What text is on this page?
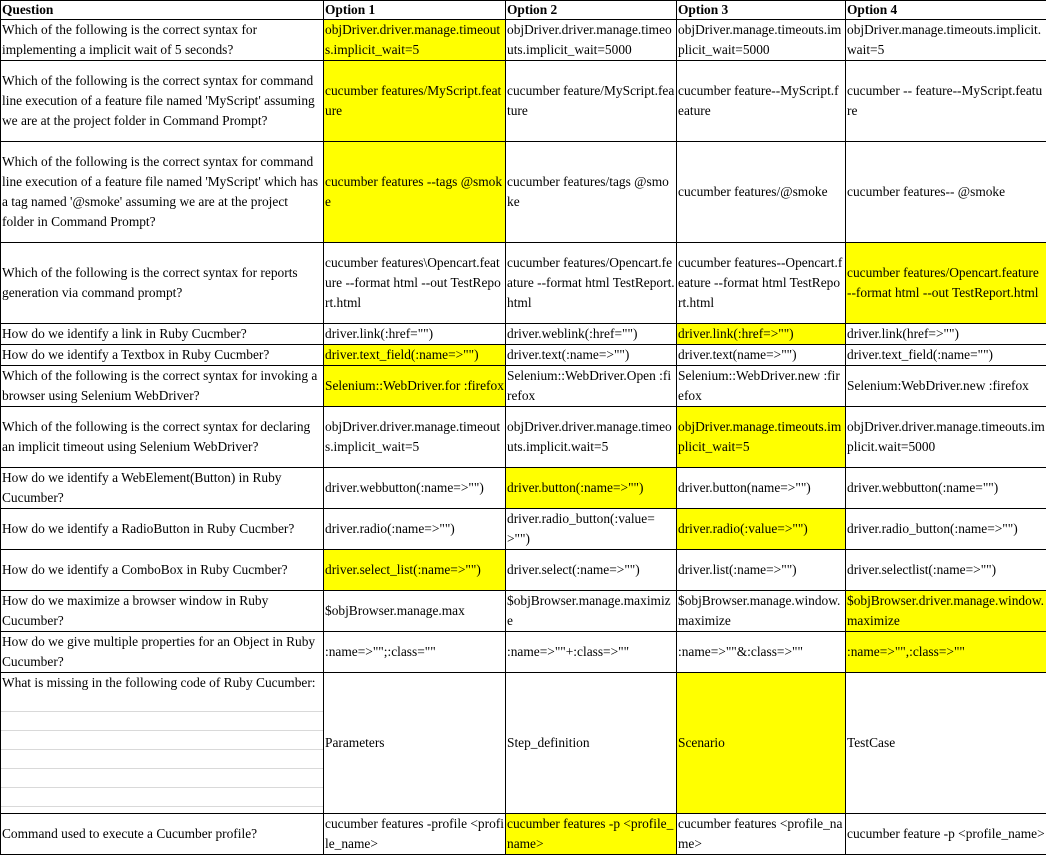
Question	Option 1	Option 2	Option 3	Option 4
Which of the following is the correct syntax for implementing a implicit wait of 5 seconds?	objDriver.driver.manage.timeouts.implicit_wait=5	objDriver.driver.manage.timeouts.implicit_wait=5000	objDriver.manage.timeouts.implicit_wait=5000	objDriver.manage.timeouts.implicit.wait=5
Which of the following is the correct syntax for command line execution of a feature file named 'MyScript' assuming we are at the project folder in Command Prompt?	cucumber features/MyScript.feature	cucumber feature/MyScript.feature	cucumber feature--MyScript.feature	cucumber -- feature--MyScript.feature
Which of the following is the correct syntax for command line execution of a feature file named 'MyScript' which has a tag named '@smoke' assuming we are at the project folder in Command Prompt?	cucumber features --tags @smoke	cucumber features/tags @smoke	cucumber features/@smoke	cucumber features-- @smoke
Which of the following is the correct syntax for reports generation via command prompt?	cucumber features\Opencart.feature --format html --out TestReport.html	cucumber features/Opencart.feature --format html TestReport.html	cucumber features--Opencart.feature --format html TestReport.html	cucumber features/Opencart.feature --format html --out TestReport.html
How do we identify a link in Ruby Cucmber?	driver.link(:href="")	driver.weblink(:href="")	driver.link(:href=>"")	driver.link(href=>"")
How do we identify a Textbox in Ruby Cucmber?	driver.text_field(:name=>"")	driver.text(:name=>"")	driver.text(name=>"")	driver.text_field(:name="")
Which of the following is the correct syntax for invoking a browser using Selenium WebDriver?	Selenium::WebDriver.for :firefox	Selenium::WebDriver.Open :firefox	Selenium::WebDriver.new :firefox	Selenium:WebDriver.new :firefox
Which of the following is the correct syntax for declaring an implicit timeout using Selenium WebDriver?	objDriver.driver.manage.timeouts.implicit_wait=5	objDriver.driver.manage.timeouts.implicit.wait=5	objDriver.manage.timeouts.implicit_wait=5	objDriver.driver.manage.timeouts.implicit.wait=5000
How do we identify a WebElement(Button) in Ruby Cucumber?	driver.webbutton(:name=>"")	driver.button(:name=>"")	driver.button(name=>"")	driver.webbutton(:name="")
How do we identify a RadioButton in Ruby Cucmber?	driver.radio(:name=>"")	driver.radio_button(:value=>"")	driver.radio(:value=>"")	driver.radio_button(:name=>"")
How do we identify a ComboBox in Ruby Cucmber?	driver.select_list(:name=>"")	driver.select(:name=>"")	driver.list(:name=>"")	driver.selectlist(:name=>"")
How do we maximize a browser window in Ruby Cucumber?	$objBrowser.manage.max	$objBrowser.manage.maximize	$objBrowser.manage.window.maximize	$objBrowser.driver.manage.window.maximize
How do we give multiple properties for an Object in Ruby Cucumber?	:name=>"";:class=""	:name=>""+:class=>""	:name=>""&:class=>""	:name=>"",:class=>""

What is missing in the following code of Ruby Cucumber:	Parameters	Step_definition	Scenario	TestCase
Command used to execute a Cucumber profile?	cucumber features -profile <profile_name>	cucumber features -p <profile_name>	cucumber features <profile_name>	cucumber feature -p <profile_name>
